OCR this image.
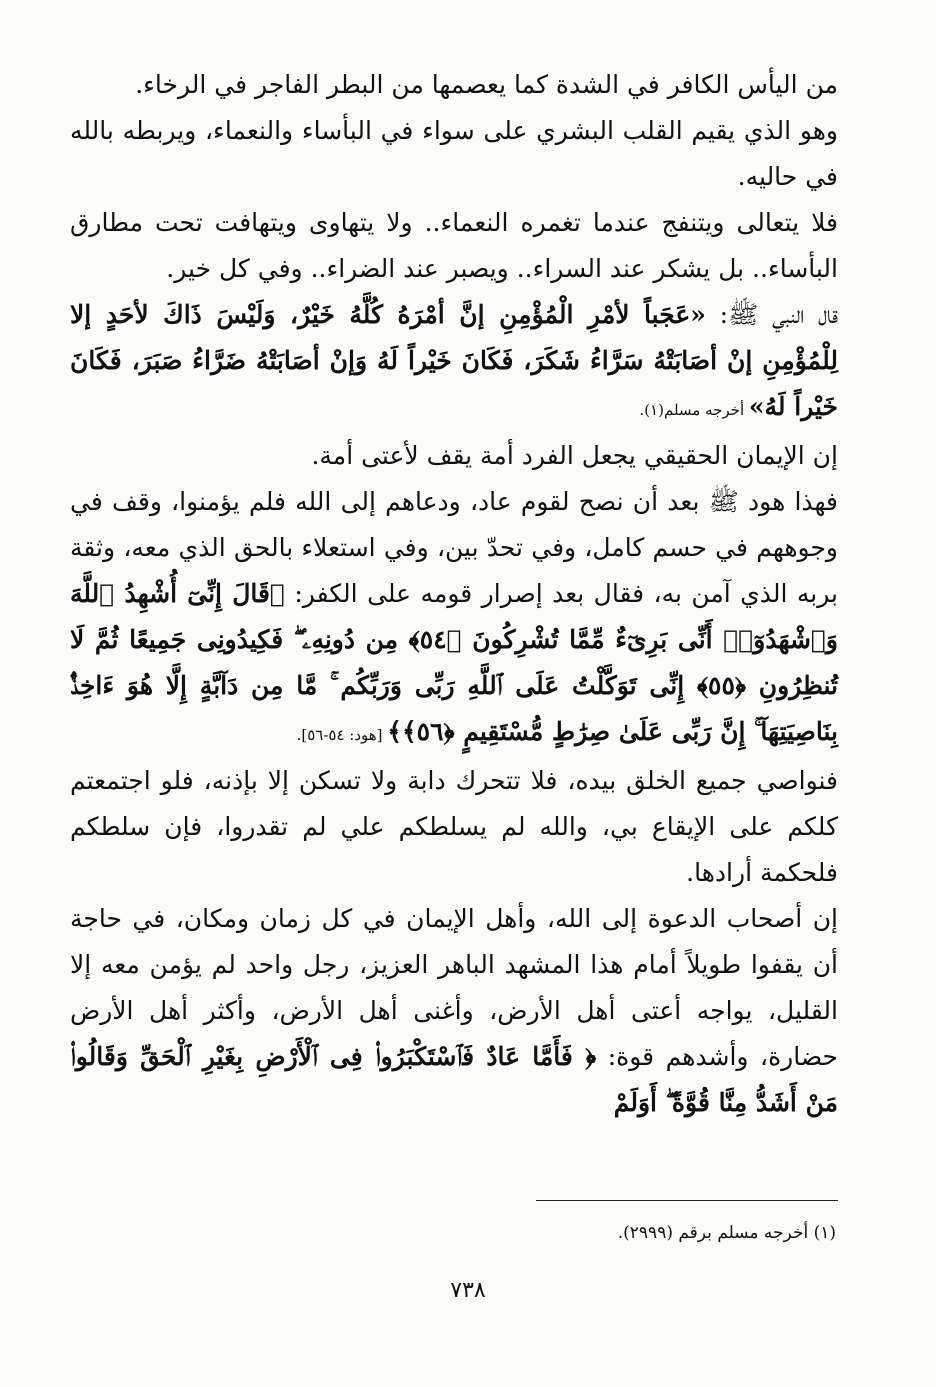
من اليأس الكافر في الشدة كما يعصمها من البطر الفاجر في الرخاء.

وهو الذي يقيم القلب البشري على سواء في البأساء والنعماء، ويربطه بالله في حاليه.

فلا يتعالى ويتنفج عندما تغمره النعماء.. ولا يتهاوى ويتهافت تحت مطارق البأساء.. بل يشكر عند السراء.. ويصبر عند الضراء.. وفي كل خير.

قال النبي ﷺ: «عَجَباً لأمْرِ الْمُؤْمِنِ إنَّ أمْرَهُ كُلَّهُ خَيْرٌ، وَلَيْسَ ذَاكَ لأحَدٍ إلا لِلْمُؤْمِنِ إنْ أصَابَتْهُ سَرَّاءُ شَكَرَ، فَكَانَ خَيْراً لَهُ وَإنْ أصَابَتْهُ ضَرَّاءُ صَبَرَ، فَكَانَ خَيْراً لَهُ» أخرجه مسلم(١).

إن الإيمان الحقيقي يجعل الفرد أمة يقف لأعتى أمة.

فهذا هود ﷺ بعد أن نصح لقوم عاد، ودعاهم إلى الله فلم يؤمنوا، وقف في وجوههم في حسم كامل، وفي تحدّ بين، وفي استعلاء بالحق الذي معه، وثقة بربه الذي آمن به، فقال بعد إصرار قومه على الكفر: ﴿قَالَ إِنِّىٓ أُشْهِدُ ٱللَّهَ وَٱشْهَدُوٓا۟ أَنِّى بَرِىٓءٌ مِّمَّا تُشْرِكُونَ ﴿٥٤﴾ مِن دُونِهِۦ ۖ فَكِيدُونِى جَمِيعًا ثُمَّ لَا تُنظِرُونِ ﴿٥٥﴾ إِنِّى تَوَكَّلْتُ عَلَى ٱللَّهِ رَبِّى وَرَبِّكُم ۚ مَّا مِن دَآبَّةٍ إِلَّا هُوَ ءَاخِذٌۢ بِنَاصِيَتِهَآ ۚ إِنَّ رَبِّى عَلَىٰ صِرَٰطٍ مُّسْتَقِيمٍ ﴿٥٦﴾﴾ [هود: ٥٤-٥٦].

فنواصي جميع الخلق بيده، فلا تتحرك دابة ولا تسكن إلا بإذنه، فلو اجتمعتم كلكم على الإيقاع بي، والله لم يسلطكم علي لم تقدروا، فإن سلطكم فلحكمة أرادها.

إن أصحاب الدعوة إلى الله، وأهل الإيمان في كل زمان ومكان، في حاجة أن يقفوا طويلاً أمام هذا المشهد الباهر العزيز، رجل واحد لم يؤمن معه إلا القليل، يواجه أعتى أهل الأرض، وأغنى أهل الأرض، وأكثر أهل الأرض حضارة، وأشدهم قوة: ﴿ فَأَمَّا عَادٌ فَٱسْتَكْبَرُوا۟ فِى ٱلْأَرْضِ بِغَيْرِ ٱلْحَقِّ وَقَالُوا۟ مَنْ أَشَدُّ مِنَّا قُوَّةً ۖ أَوَلَمْ

(١) أخرجه مسلم برقم (٢٩٩٩).
٧٣٨
